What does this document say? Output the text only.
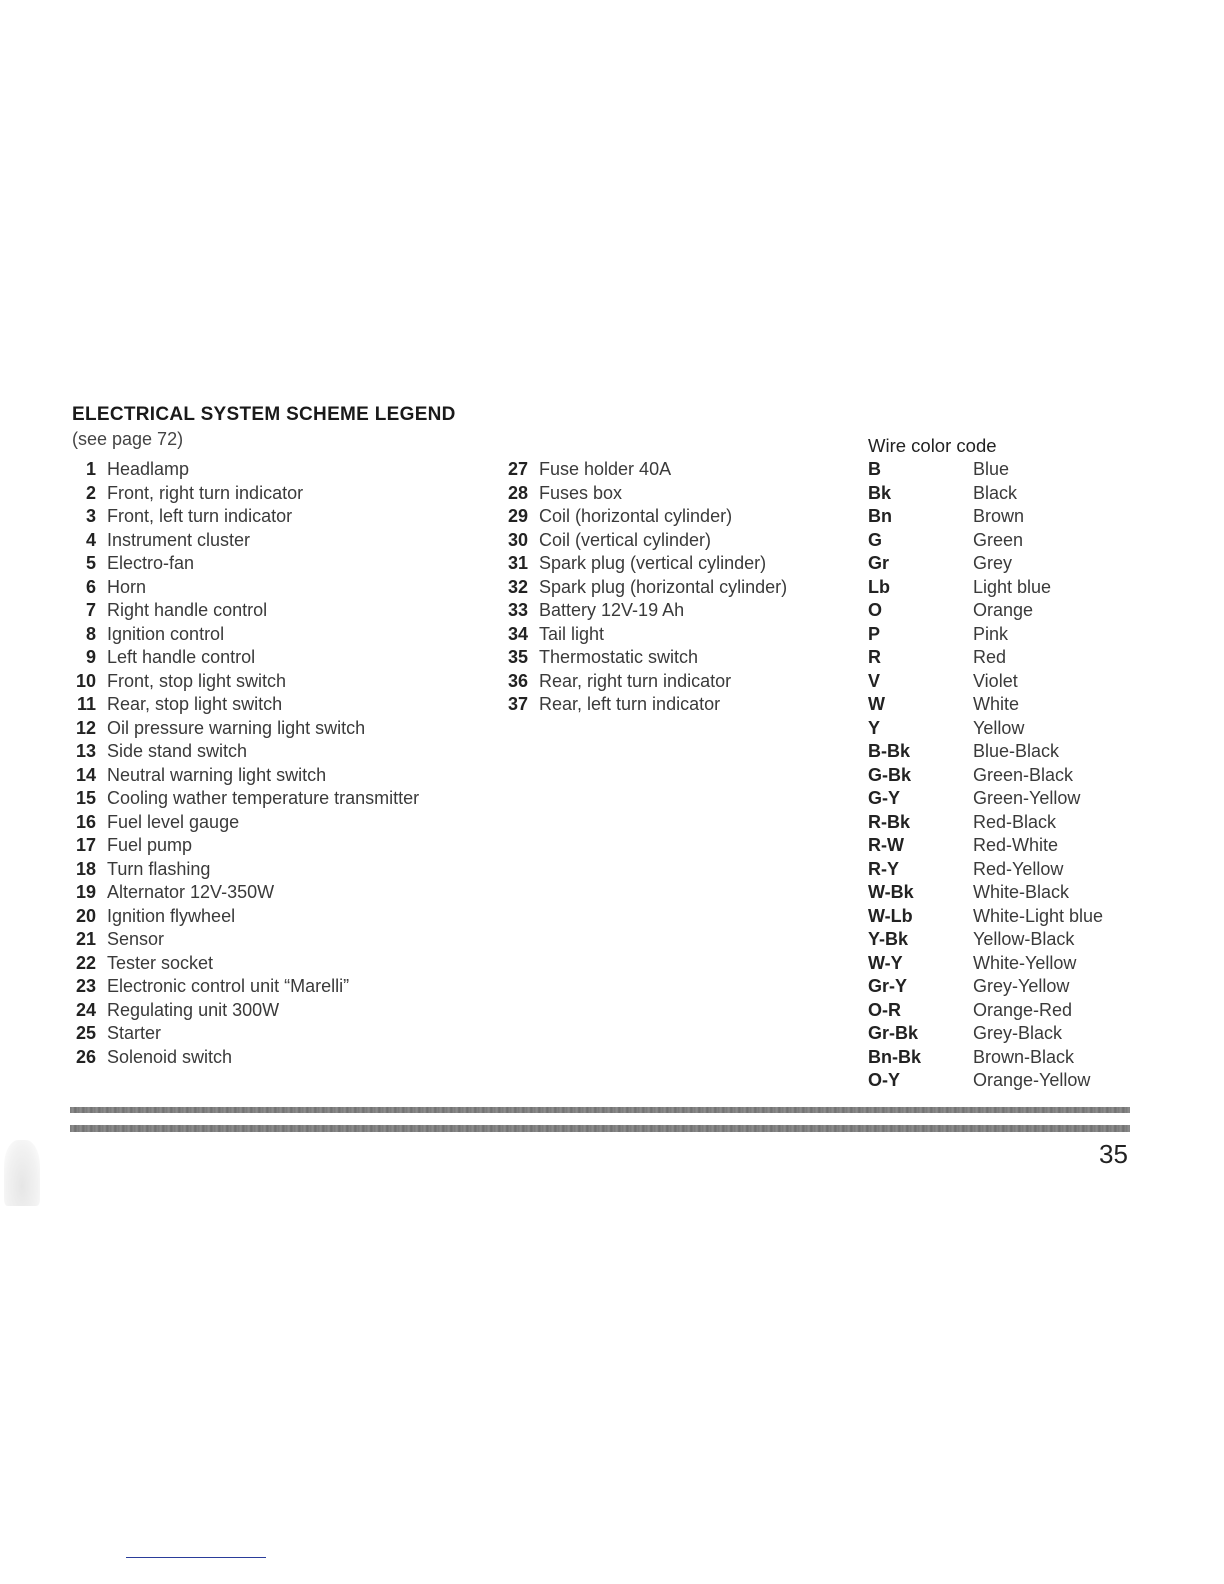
ELECTRICAL SYSTEM SCHEME LEGEND
(see page 72)
1 Headlamp
2 Front, right turn indicator
3 Front, left turn indicator
4 Instrument cluster
5 Electro-fan
6 Horn
7 Right handle control
8 Ignition control
9 Left handle control
10 Front, stop light switch
11 Rear, stop light switch
12 Oil pressure warning light switch
13 Side stand switch
14 Neutral warning light switch
15 Cooling wather temperature transmitter
16 Fuel level gauge
17 Fuel pump
18 Turn flashing
19 Alternator 12V-350W
20 Ignition flywheel
21 Sensor
22 Tester socket
23 Electronic control unit “Marelli”
24 Regulating unit 300W
25 Starter
26 Solenoid switch
27 Fuse holder 40A
28 Fuses box
29 Coil (horizontal cylinder)
30 Coil (vertical cylinder)
31 Spark plug (vertical cylinder)
32 Spark plug (horizontal cylinder)
33 Battery 12V-19 Ah
34 Tail light
35 Thermostatic switch
36 Rear, right turn indicator
37 Rear, left turn indicator
Wire color code
B	Blue
Bk	Black
Bn	Brown
G	Green
Gr	Grey
Lb	Light blue
O	Orange
P	Pink
R	Red
V	Violet
W	White
Y	Yellow
B-Bk	Blue-Black
G-Bk	Green-Black
G-Y	Green-Yellow
R-Bk	Red-Black
R-W	Red-White
R-Y	Red-Yellow
W-Bk	White-Black
W-Lb	White-Light blue
Y-Bk	Yellow-Black
W-Y	White-Yellow
Gr-Y	Grey-Yellow
O-R	Orange-Red
Gr-Bk	Grey-Black
Bn-Bk	Brown-Black
O-Y	Orange-Yellow
35
